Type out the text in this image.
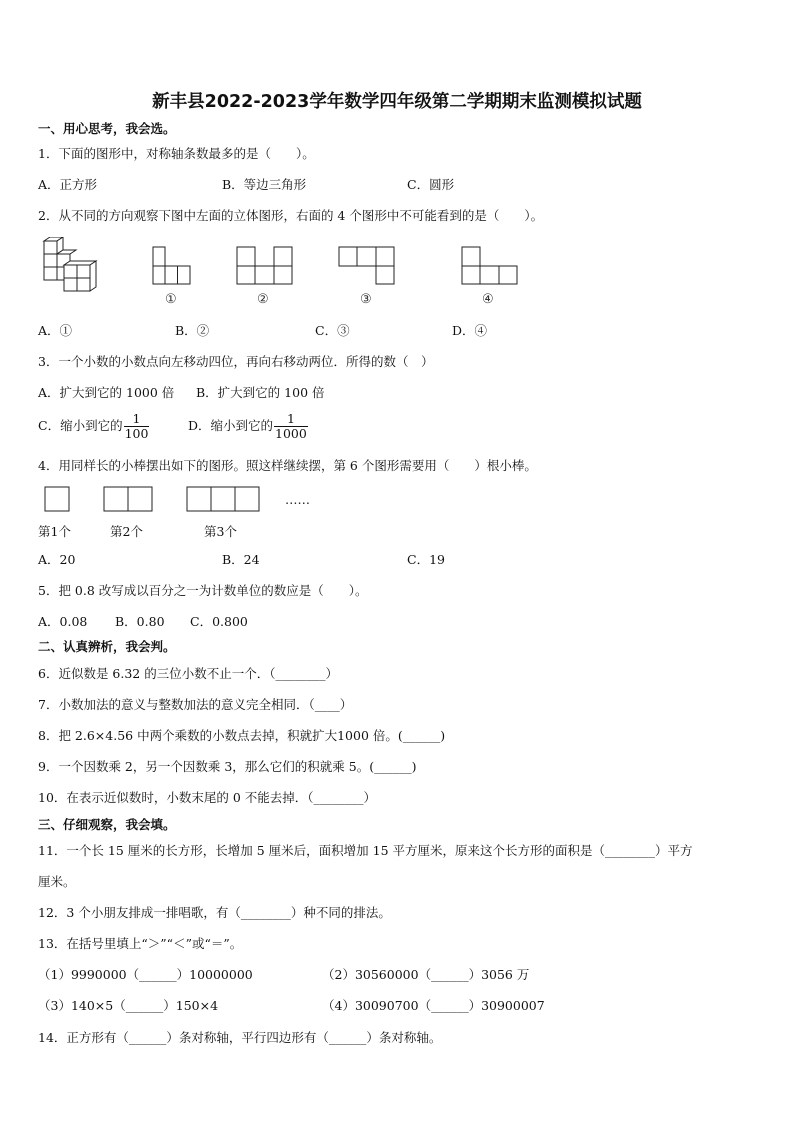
新丰县2022-2023学年数学四年级第二学期期末监测模拟试题
一、用心思考，我会选。
1．下面的图形中，对称轴条数最多的是（　　）。
A．正方形	B．等边三角形	C．圆形
2．从不同的方向观察下图中左面的立体图形，右面的 4 个图形中不可能看到的是（　　）。
①	②	③	④
A．①	B．②	C．③	D．④
3．一个小数的小数点向左移动四位，再向右移动两位．所得的数（　）
A．扩大到它的 1000 倍 B．扩大到它的 100 倍
C．缩小到它的 $\frac{1}{100}$	D．缩小到它的 $\frac{1}{1000}$
4．用同样长的小棒摆出如下的图形。照这样继续摆，第 6 个图形需要用（　　）根小棒。
……
第1个	第2个	第3个
A．20	B．24	C．19
5．把 0.8 改写成以百分之一为计数单位的数应是（　　）。
A．0.08 B．0.80 C．0.800
二、认真辨析，我会判。
6．近似数是 6.32 的三位小数不止一个．（________）
7．小数加法的意义与整数加法的意义完全相同．（____）
8．把 2.6×4.56 中两个乘数的小数点去掉，积就扩大1000 倍。(______)
9．一个因数乘 2，另一个因数乘 3，那么它们的积就乘 5。(______)
10．在表示近似数时，小数末尾的 0 不能去掉．（________）
三、仔细观察，我会填。
11．一个长 15 厘米的长方形，长增加 5 厘米后，面积增加 15 平方厘米，原来这个长方形的面积是（________）平方
厘米。
12．3 个小朋友排成一排唱歌，有（________）种不同的排法。
13．在括号里填上“＞”“＜”或“＝”。
（1）9990000（______）10000000	（2）30560000（______）3056 万
（3）140×5（______）150×4	（4）30090700（______）30900007
14．正方形有（______）条对称轴，平行四边形有（______）条对称轴。
